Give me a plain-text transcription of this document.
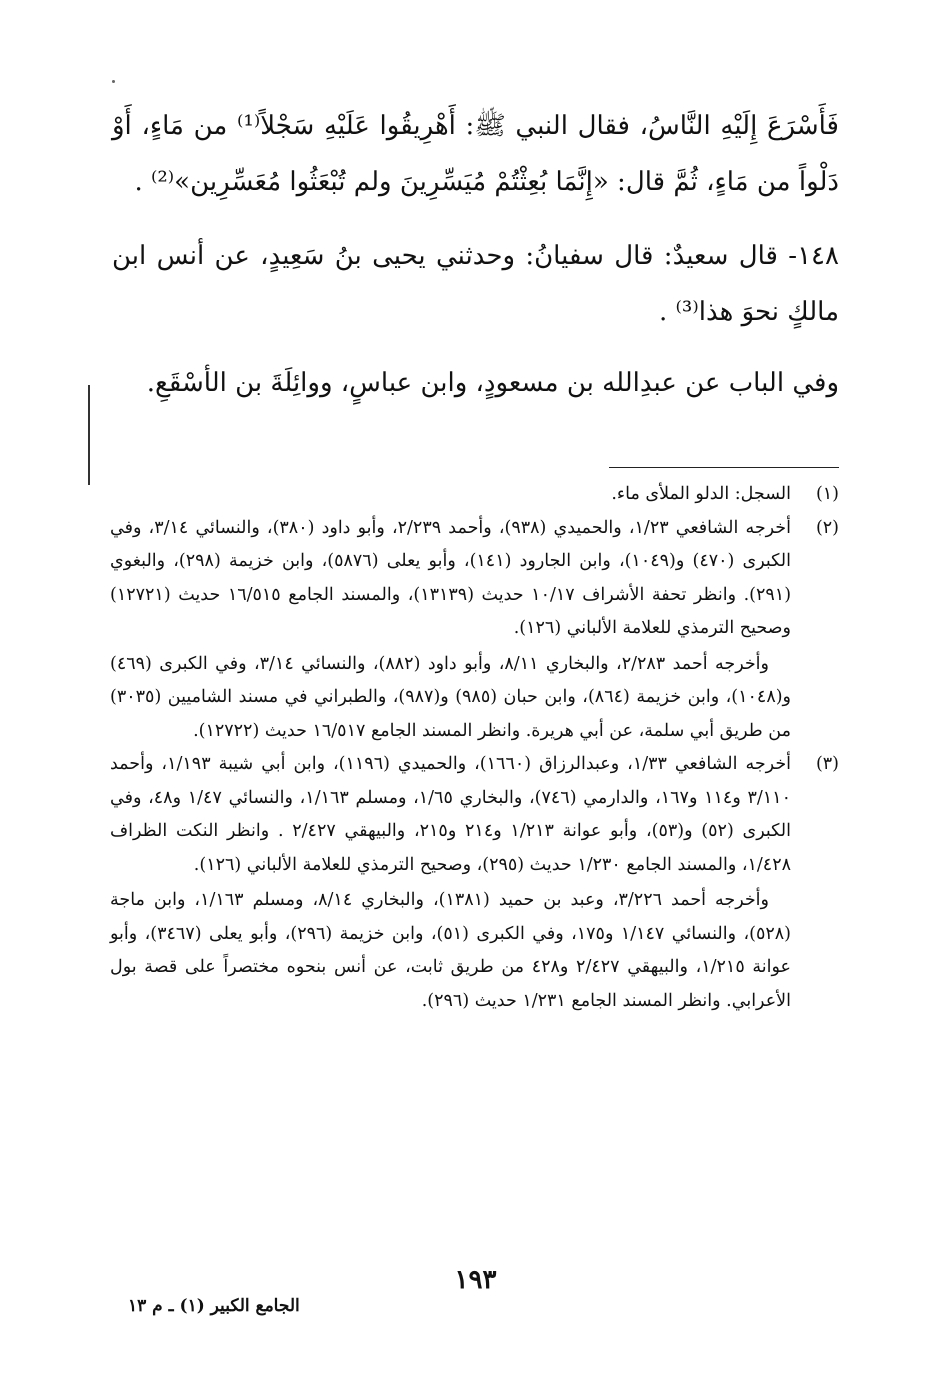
فَأَسْرَعَ إِلَيْهِ النَّاسُ، فقال النبي ﷺ: أَهْرِيقُوا عَلَيْهِ سَجْلاً⁽¹⁾ من مَاءٍ، أَوْ دَلْواً من مَاءٍ، ثُمَّ قال: «إِنَّمَا بُعِثْتُمْ مُيَسِّرِينَ ولم تُبْعَثُوا مُعَسِّرِين»⁽²⁾ .

١٤٨- قال سعيدٌ: قال سفيانُ: وحدثني يحيى بنُ سَعِيدٍ، عن أنس ابن مالكٍ نحوَ هذا⁽³⁾ .

وفي الباب عن عبدِالله بن مسعودٍ، وابن عباسٍ، ووائِلَةَ بن الأسْقَعِ.

(١)

السجل: الدلو الملأى ماء.

(٢)

أخرجه الشافعي ١/٢٣، والحميدي (٩٣٨)، وأحمد ٢/٢٣٩، وأبو داود (٣٨٠)، والنسائي ٣/١٤، وفي الكبرى (٤٧٠) و(١٠٤٩)، وابن الجارود (١٤١)، وأبو يعلى (٥٨٧٦)، وابن خزيمة (٢٩٨)، والبغوي (٢٩١). وانظر تحفة الأشراف ١٠/١٧ حديث (١٣١٣٩)، والمسند الجامع ١٦/٥١٥ حديث (١٢٧٢١) وصحيح الترمذي للعلامة الألباني (١٢٦).

وأخرجه أحمد ٢/٢٨٣، والبخاري ٨/١١، وأبو داود (٨٨٢)، والنسائي ٣/١٤، وفي الكبرى (٤٦٩) و(١٠٤٨)، وابن خزيمة (٨٦٤)، وابن حبان (٩٨٥) و(٩٨٧)، والطبراني في مسند الشاميين (٣٠٣٥) من طريق أبي سلمة، عن أبي هريرة. وانظر المسند الجامع ١٦/٥١٧ حديث (١٢٧٢٢).

(٣)

أخرجه الشافعي ١/٣٣، وعبدالرزاق (١٦٦٠)، والحميدي (١١٩٦)، وابن أبي شيبة ١/١٩٣، وأحمد ٣/١١٠ و١١٤ و١٦٧، والدارمي (٧٤٦)، والبخاري ١/٦٥، ومسلم ١/١٦٣، والنسائي ١/٤٧ و٤٨، وفي الكبرى (٥٢) و(٥٣)، وأبو عوانة ١/٢١٣ و٢١٤ و٢١٥، والبيهقي ٢/٤٢٧ . وانظر النكت الظراف ١/٤٢٨، والمسند الجامع ١/٢٣٠ حديث (٢٩٥)، وصحيح الترمذي للعلامة الألباني (١٢٦).

وأخرجه أحمد ٣/٢٢٦، وعبد بن حميد (١٣٨١)، والبخاري ٨/١٤، ومسلم ١/١٦٣، وابن ماجة (٥٢٨)، والنسائي ١/١٤٧ و١٧٥، وفي الكبرى (٥١)، وابن خزيمة (٢٩٦)، وأبو يعلى (٣٤٦٧)، وأبو عوانة ١/٢١٥، والبيهقي ٢/٤٢٧ و٤٢٨ من طريق ثابت، عن أنس بنحوه مختصراً على قصة بول الأعرابي. وانظر المسند الجامع ١/٢٣١ حديث (٢٩٦).

١٩٣
الجامع الكبير (١) ـ م ١٣
